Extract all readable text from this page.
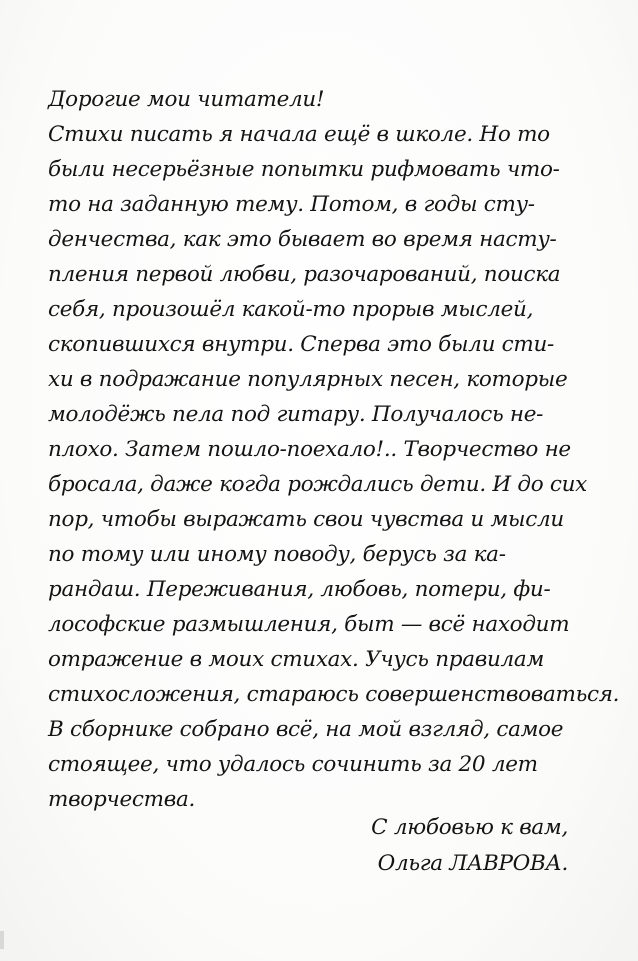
Дорогие мои читатели!
Стихи писать я начала ещё в школе. Но то
были несерьёзные попытки рифмовать что-
то на заданную тему. Потом, в годы сту-
денчества, как это бывает во время насту-
пления первой любви, разочарований, поиска
себя, произошёл какой-то прорыв мыслей,
скопившихся внутри. Сперва это были сти-
хи в подражание популярных песен, которые
молодёжь пела под гитару. Получалось не-
плохо. Затем пошло-поехало!.. Творчество не
бросала, даже когда рождались дети. И до сих
пор, чтобы выражать свои чувства и мысли
по тому или иному поводу, берусь за ка-
рандаш. Переживания, любовь, потери, фи-
лософские размышления, быт — всё находит
отражение в моих стихах. Учусь правилам
стихосложения, стараюсь совершенствоваться.
В сборнике собрано всё, на мой взгляд, самое
стоящее, что удалось сочинить за 20 лет
творчества.
С любовью к вам,
Ольга ЛАВРОВА.
